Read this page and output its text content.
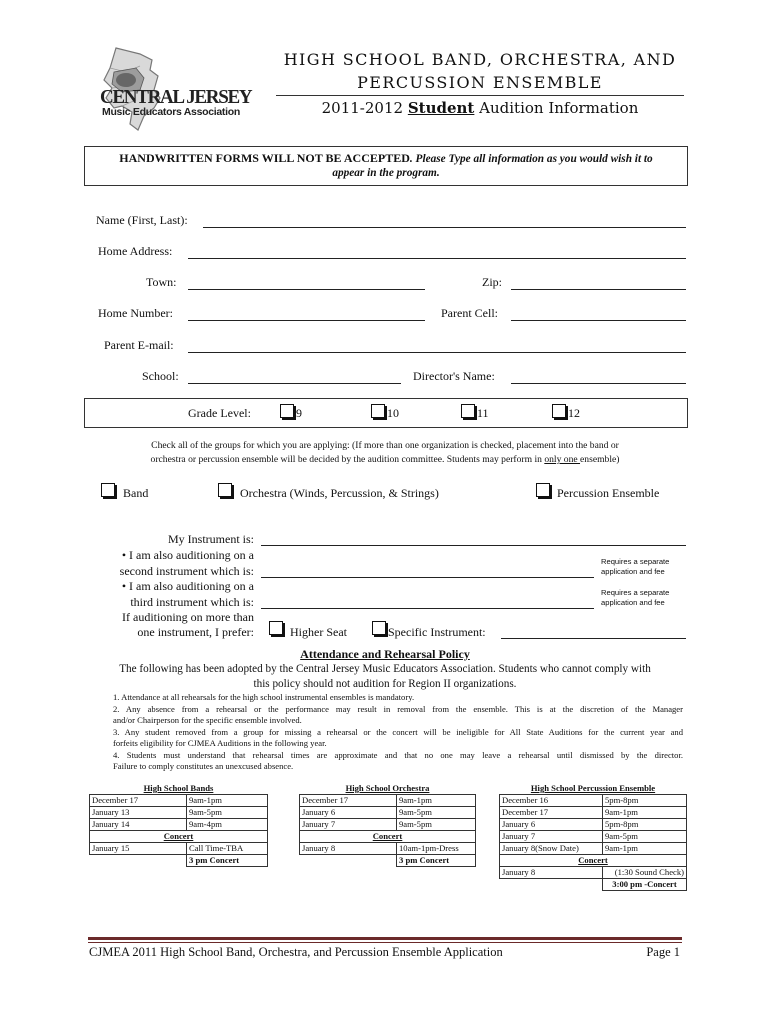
CENTRAL JERSEY
Music Educators Association
HIGH SCHOOL BAND, ORCHESTRA, AND
PERCUSSION ENSEMBLE
2011-2012 Student Audition Information
HANDWRITTEN FORMS WILL NOT BE ACCEPTED. Please Type all information as you would wish it to
appear in the program.
Name (First, Last):
Home Address:
Town:	Zip:
Home Number:	Parent Cell:
Parent E-mail:
School:	Director's Name:
Grade Level:	9	10	11	12
Check all of the groups for which you are applying: (If more than one organization is checked, placement into the band or
orchestra or percussion ensemble will be decided by the audition committee. Students may perform in only one ensemble)
Band	Orchestra (Winds, Percussion, & Strings)	Percussion Ensemble
My Instrument is:
• I am also auditioning on a
second instrument which is:
Requires a separate
application and fee
• I am also auditioning on a
third instrument which is:
Requires a separate
application and fee
If auditioning on more than
one instrument, I prefer:	Higher Seat	Specific Instrument:
Attendance and Rehearsal Policy
The following has been adopted by the Central Jersey Music Educators Association. Students who cannot comply with
this policy should not audition for Region II organizations.
1. Attendance at all rehearsals for the high school instrumental ensembles is mandatory.
2. Any absence from a rehearsal or the performance may result in removal from the ensemble. This is at the discretion of the Manager
and/or Chairperson for the specific ensemble involved.
3. Any student removed from a group for missing a rehearsal or the concert will be ineligible for All State Auditions for the current year and
forfeits eligibility for CJMEA Auditions in the following year.
4. Students must understand that rehearsal times are approximate and that no one may leave a rehearsal until dismissed by the director.
Failure to comply constitutes an unexcused absence.
High School Bands	
December 17	9am-1pm
January 13	9am-5pm
January 14	9am-4pm
Concert	
January 15	Call Time-TBA
	3 pm Concert
High School Orchestra	
December 17	9am-1pm
January 6	9am-5pm
January 7	9am-5pm
Concert	
January 8	10am-1pm-Dress
	3 pm Concert
High School Percussion Ensemble	
December 16	5pm-8pm
December 17	9am-1pm
January 6	5pm-8pm
January 7	9am-5pm
January 8(Snow Date)	9am-1pm
Concert	
January 8	(1:30 Sound Check)
	3:00 pm -Concert
CJMEA 2011 High School Band, Orchestra, and Percussion Ensemble Application	Page 1
